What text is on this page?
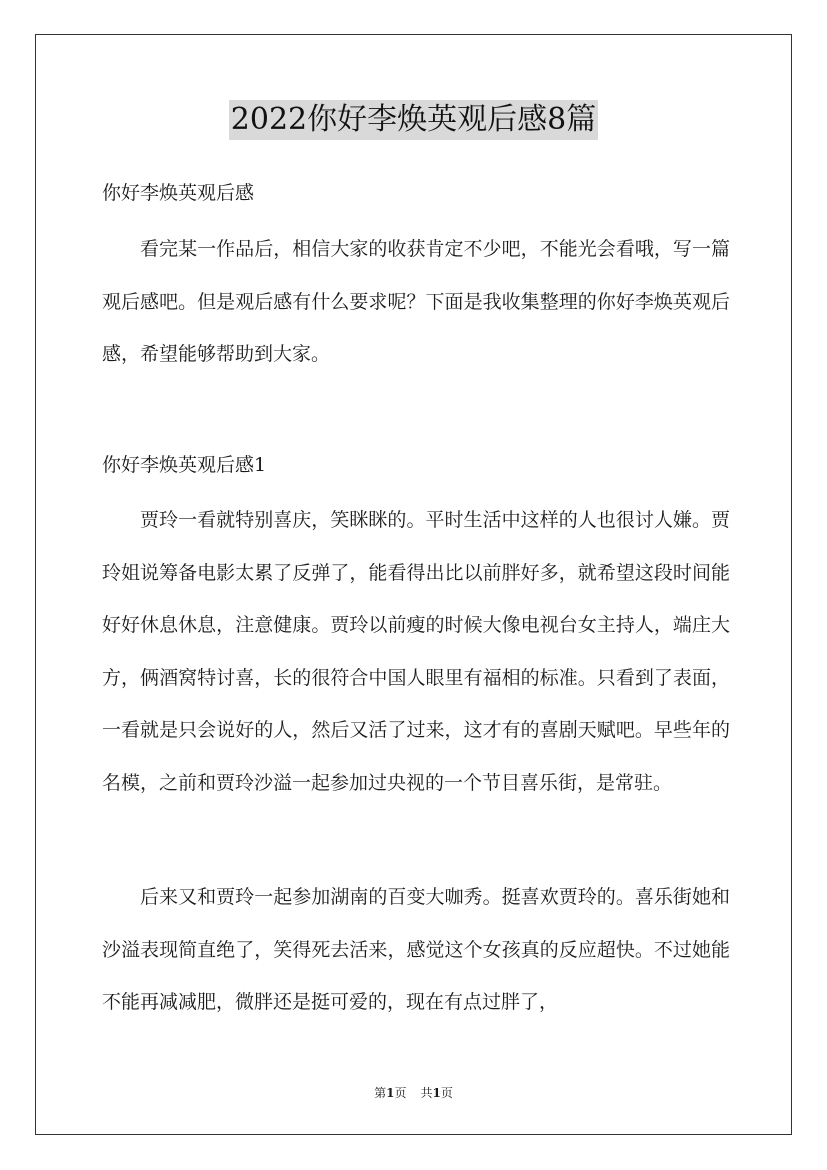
2022你好李焕英观后感8篇
你好李焕英观后感

看完某一作品后，相信大家的收获肯定不少吧，不能光会看哦，写一篇观后感吧。但是观后感有什么要求呢？下面是我收集整理的你好李焕英观后感，希望能够帮助到大家。

你好李焕英观后感1

贾玲一看就特别喜庆，笑眯眯的。平时生活中这样的人也很讨人嫌。贾玲姐说筹备电影太累了反弹了，能看得出比以前胖好多，就希望这段时间能好好休息休息，注意健康。贾玲以前瘦的时候大像电视台女主持人，端庄大方，俩酒窝特讨喜，长的很符合中国人眼里有福相的标准。只看到了表面，一看就是只会说好的人，然后又活了过来，这才有的喜剧天赋吧。早些年的名模，之前和贾玲沙溢一起参加过央视的一个节目喜乐街，是常驻。

后来又和贾玲一起参加湖南的百变大咖秀。挺喜欢贾玲的。喜乐街她和沙溢表现简直绝了，笑得死去活来，感觉这个女孩真的反应超快。不过她能不能再减减肥，微胖还是挺可爱的，现在有点过胖了，

第1页 共1页
